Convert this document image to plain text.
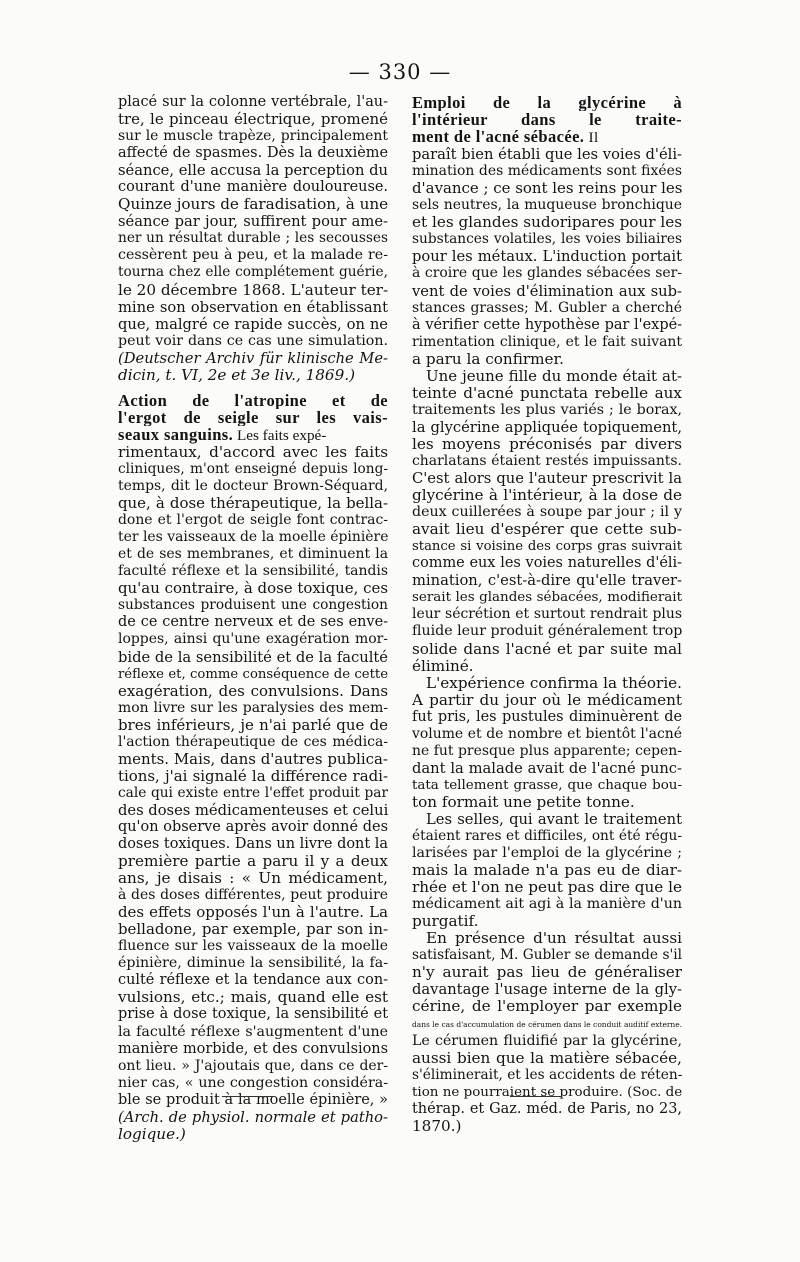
— 330 —
placé sur la colonne vertébrale, l'au-
tre, le pinceau électrique, promené
sur le muscle trapèze, principalement
affecté de spasmes. Dès la deuxième
séance, elle accusa la perception du
courant d'une manière douloureuse.
Quinze jours de faradisation, à une
séance par jour, suffirent pour ame-
ner un résultat durable ; les secousses
cessèrent peu à peu, et la malade re-
tourna chez elle complétement guérie,
le 20 décembre 1868. L'auteur ter-
mine son observation en établissant
que, malgré ce rapide succès, on ne
peut voir dans ce cas une simulation.
(Deutscher Archiv für klinische Me-
dicin, t. VI, 2e et 3e liv., 1869.)
Action de l'atropine et de
l'ergot de seigle sur les vais-
seaux sanguins. Les faits expé-
rimentaux, d'accord avec les faits
cliniques, m'ont enseigné depuis long-
temps, dit le docteur Brown-Séquard,
que, à dose thérapeutique, la bella-
done et l'ergot de seigle font contrac-
ter les vaisseaux de la moelle épinière
et de ses membranes, et diminuent la
faculté réflexe et la sensibilité, tandis
qu'au contraire, à dose toxique, ces
substances produisent une congestion
de ce centre nerveux et de ses enve-
loppes, ainsi qu'une exagération mor-
bide de la sensibilité et de la faculté
réflexe et, comme conséquence de cette
exagération, des convulsions. Dans
mon livre sur les paralysies des mem-
bres inférieurs, je n'ai parlé que de
l'action thérapeutique de ces médica-
ments. Mais, dans d'autres publica-
tions, j'ai signalé la différence radi-
cale qui existe entre l'effet produit par
des doses médicamenteuses et celui
qu'on observe après avoir donné des
doses toxiques. Dans un livre dont la
première partie a paru il y a deux
ans, je disais : « Un médicament,
à des doses différentes, peut produire
des effets opposés l'un à l'autre. La
belladone, par exemple, par son in-
fluence sur les vaisseaux de la moelle
épinière, diminue la sensibilité, la fa-
culté réflexe et la tendance aux con-
vulsions, etc.; mais, quand elle est
prise à dose toxique, la sensibilité et
la faculté réflexe s'augmentent d'une
manière morbide, et des convulsions
ont lieu. » J'ajoutais que, dans ce der-
nier cas, « une congestion considéra-
ble se produit à la moelle épinière, »
(Arch. de physiol. normale et patho-
logique.)
Emploi de la glycérine à
l'intérieur dans le traite-
ment de l'acné sébacée. Il
paraît bien établi que les voies d'éli-
mination des médicaments sont fixées
d'avance ; ce sont les reins pour les
sels neutres, la muqueuse bronchique
et les glandes sudoripares pour les
substances volatiles, les voies biliaires
pour les métaux. L'induction portait
à croire que les glandes sébacées ser-
vent de voies d'élimination aux sub-
stances grasses; M. Gubler a cherché
à vérifier cette hypothèse par l'expé-
rimentation clinique, et le fait suivant
a paru la confirmer.
Une jeune fille du monde était at-
teinte d'acné punctata rebelle aux
traitements les plus variés ; le borax,
la glycérine appliquée topiquement,
les moyens préconisés par divers
charlatans étaient restés impuissants.
C'est alors que l'auteur prescrivit la
glycérine à l'intérieur, à la dose de
deux cuillerées à soupe par jour ; il y
avait lieu d'espérer que cette sub-
stance si voisine des corps gras suivrait
comme eux les voies naturelles d'éli-
mination, c'est-à-dire qu'elle traver-
serait les glandes sébacées, modifierait
leur sécrétion et surtout rendrait plus
fluide leur produit généralement trop
solide dans l'acné et par suite mal
éliminé.
L'expérience confirma la théorie.
A partir du jour où le médicament
fut pris, les pustules diminuèrent de
volume et de nombre et bientôt l'acné
ne fut presque plus apparente; cepen-
dant la malade avait de l'acné punc-
tata tellement grasse, que chaque bou-
ton formait une petite tonne.
Les selles, qui avant le traitement
étaient rares et difficiles, ont été régu-
larisées par l'emploi de la glycérine ;
mais la malade n'a pas eu de diar-
rhée et l'on ne peut pas dire que le
médicament ait agi à la manière d'un
purgatif.
En présence d'un résultat aussi
satisfaisant, M. Gubler se demande s'il
n'y aurait pas lieu de généraliser
davantage l'usage interne de la gly-
cérine, de l'employer par exemple
dans le cas d'accumulation de cérumen dans le conduit auditif externe.
Le cérumen fluidifié par la glycérine,
aussi bien que la matière sébacée,
s'éliminerait, et les accidents de réten-
tion ne pourraient se produire. (Soc. de
thérap. et Gaz. méd. de Paris, no 23,
1870.)
